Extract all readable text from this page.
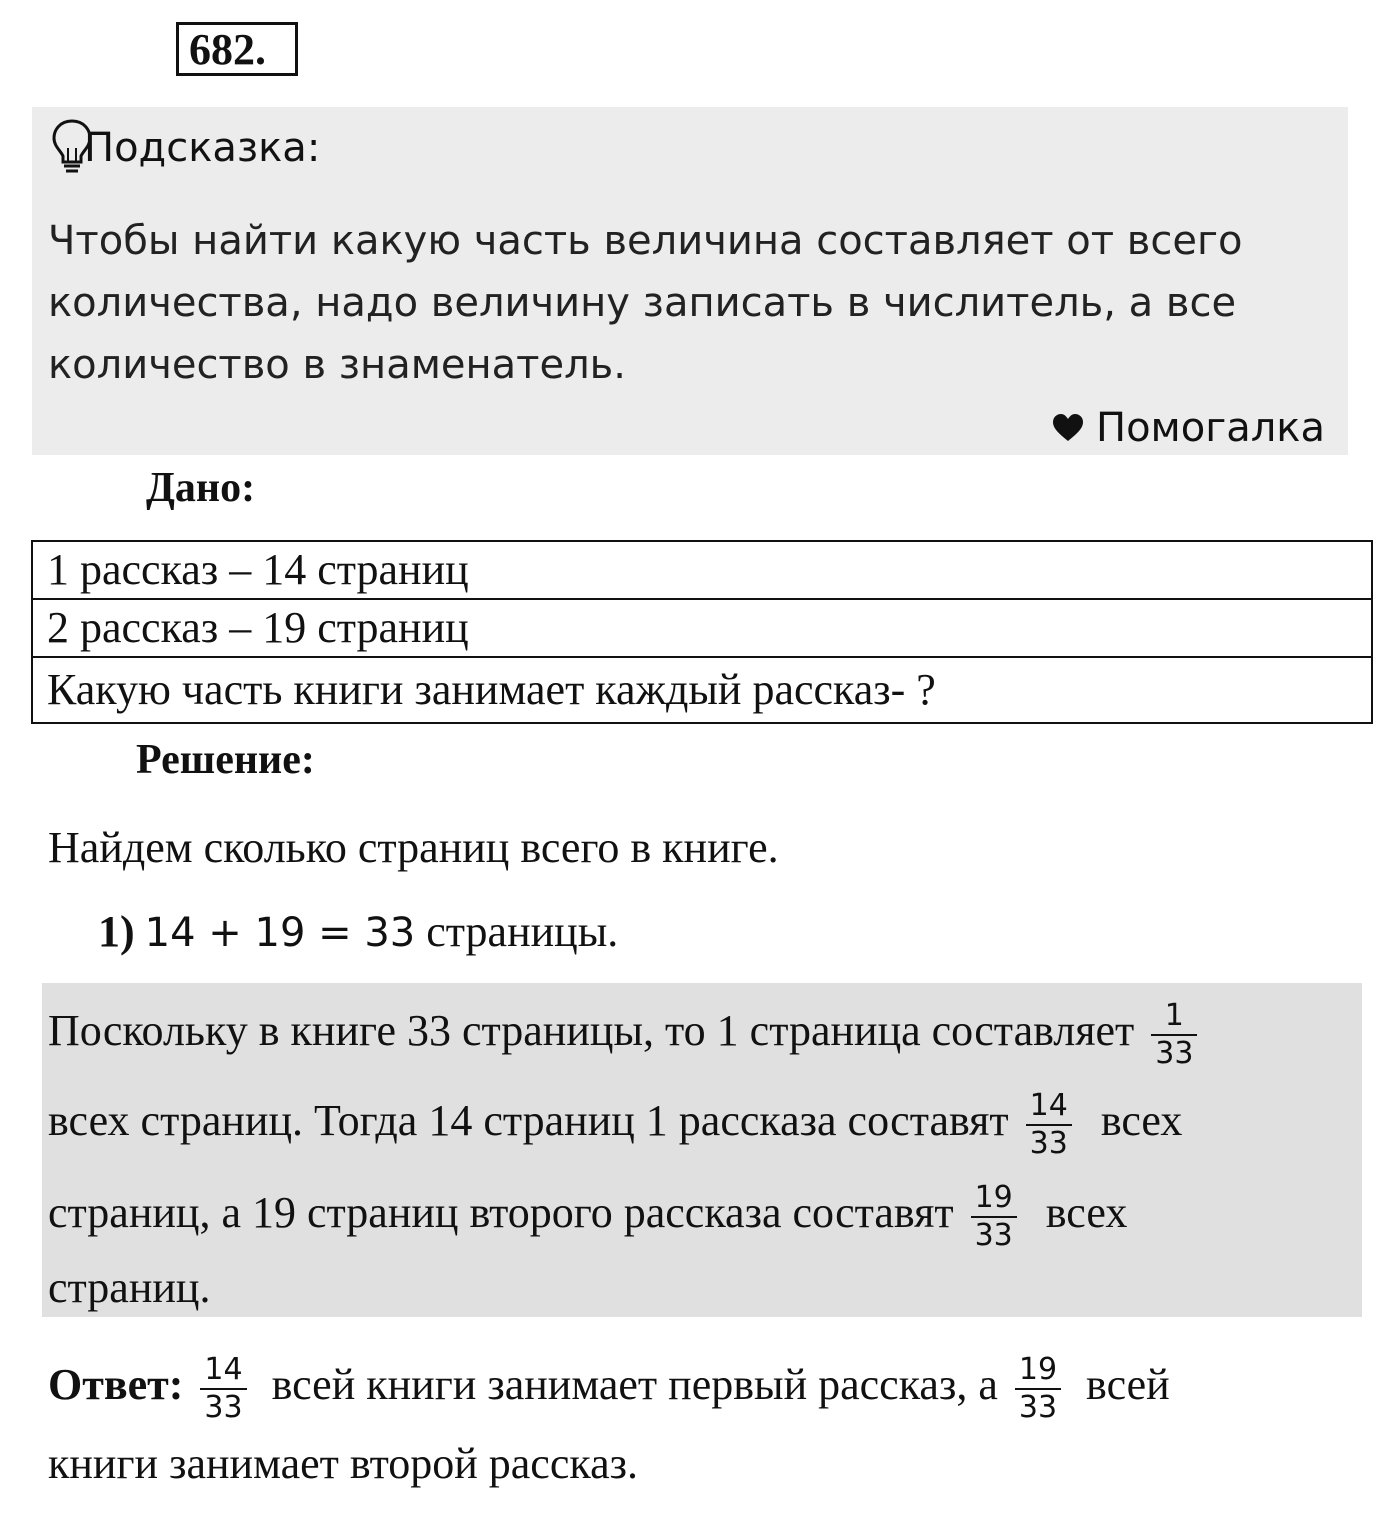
682.
Подсказка:
Чтобы найти какую часть величина составляет от всего количества, надо величину записать в числитель, а все количество в знаменатель.
Помогалка
Дано:
1 рассказ – 14 страниц
2 рассказ – 19 страниц
Какую часть книги занимает каждый рассказ- ?
Решение:
Найдем сколько страниц всего в книге.
1) 14 + 19 = 33 страницы.
Поскольку в книге 33 страницы, то 1 страница составляет $\frac{1}{33}$
всех страниц. Тогда 14 страниц 1 рассказа составят $\frac{14}{33}$ всех
страниц, а 19 страниц второго рассказа составят $\frac{19}{33}$ всех
страниц.
Ответ: $\frac{14}{33}$ всей книги занимает первый рассказ, а $\frac{19}{33}$ всей
книги занимает второй рассказ.
